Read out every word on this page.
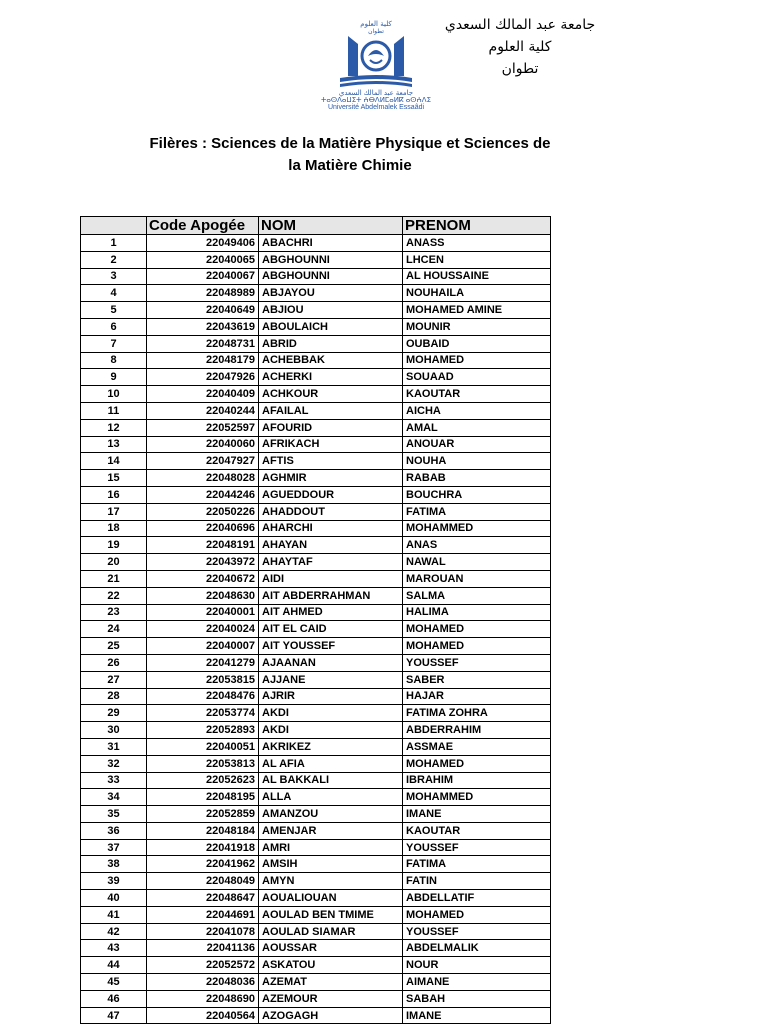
كلية العلوم
تطوان
جامعة عبد المالك السعدي
ⵜⴰⵙⴷⴰⵡⵉⵜ ⵄⴱⴷⵍⵎⴰⵍⴽ ⴰⵙⵄⴷⵉ
Université Abdelmalek Essaâdi
جامعة عبد المالك السعدي
كلية العلوم
تطوان
Filères : Sciences de la Matière Physique et Sciences de
la Matière Chimie
	Code Apogée	NOM	PRENOM
1	22049406	ABACHRI	ANASS
2	22040065	ABGHOUNNI	LHCEN
3	22040067	ABGHOUNNI	AL HOUSSAINE
4	22048989	ABJAYOU	NOUHAILA
5	22040649	ABJIOU	MOHAMED AMINE
6	22043619	ABOULAICH	MOUNIR
7	22048731	ABRID	OUBAID
8	22048179	ACHEBBAK	MOHAMED
9	22047926	ACHERKI	SOUAAD
10	22040409	ACHKOUR	KAOUTAR
11	22040244	AFAILAL	AICHA
12	22052597	AFOURID	AMAL
13	22040060	AFRIKACH	ANOUAR
14	22047927	AFTIS	NOUHA
15	22048028	AGHMIR	RABAB
16	22044246	AGUEDDOUR	BOUCHRA
17	22050226	AHADDOUT	FATIMA
18	22040696	AHARCHI	MOHAMMED
19	22048191	AHAYAN	ANAS
20	22043972	AHAYTAF	NAWAL
21	22040672	AIDI	MAROUAN
22	22048630	AIT ABDERRAHMAN	SALMA
23	22040001	AIT AHMED	HALIMA
24	22040024	AIT EL CAID	MOHAMED
25	22040007	AIT YOUSSEF	MOHAMED
26	22041279	AJAANAN	YOUSSEF
27	22053815	AJJANE	SABER
28	22048476	AJRIR	HAJAR
29	22053774	AKDI	FATIMA ZOHRA
30	22052893	AKDI	ABDERRAHIM
31	22040051	AKRIKEZ	ASSMAE
32	22053813	AL AFIA	MOHAMED
33	22052623	AL BAKKALI	IBRAHIM
34	22048195	ALLA	MOHAMMED
35	22052859	AMANZOU	IMANE
36	22048184	AMENJAR	KAOUTAR
37	22041918	AMRI	YOUSSEF
38	22041962	AMSIH	FATIMA
39	22048049	AMYN	FATIN
40	22048647	AOUALIOUAN	ABDELLATIF
41	22044691	AOULAD BEN TMIME	MOHAMED
42	22041078	AOULAD SIAMAR	YOUSSEF
43	22041136	AOUSSAR	ABDELMALIK
44	22052572	ASKATOU	NOUR
45	22048036	AZEMAT	AIMANE
46	22048690	AZEMOUR	SABAH
47	22040564	AZOGAGH	IMANE
